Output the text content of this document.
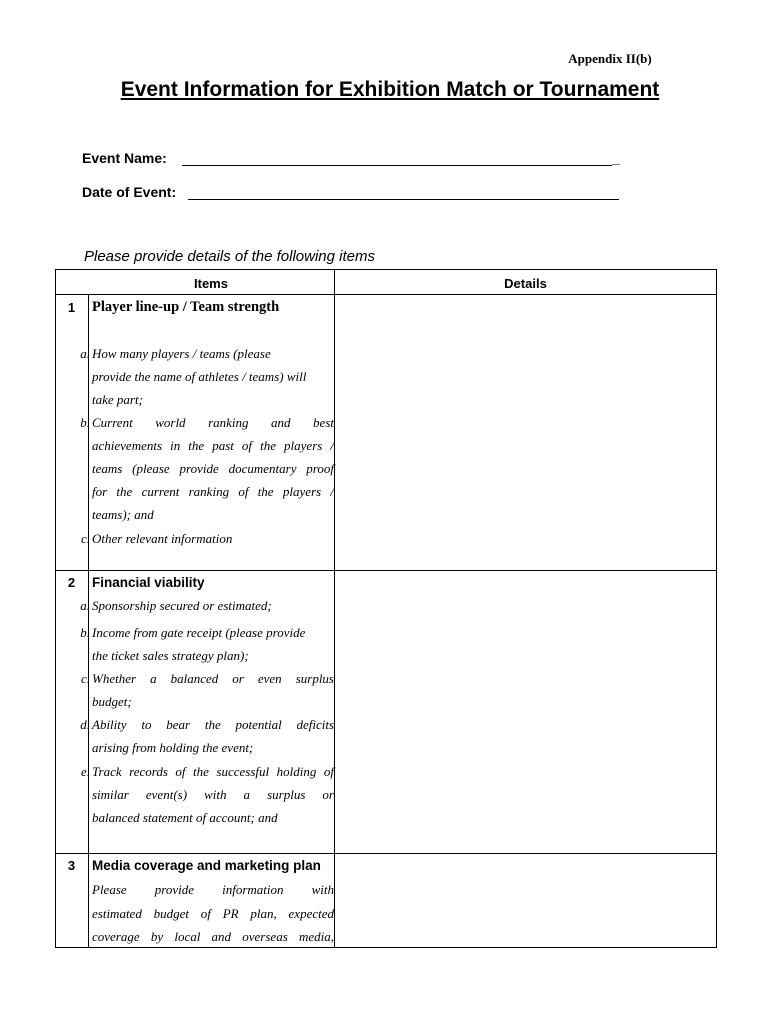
Appendix II(b)
Event Information for Exhibition Match or Tournament
Event Name:	_
Date of Event:
Please provide details of the following items
Items	Details
1	Player line-up / Team strength
a. How many players / teams (please
provide the name of athletes / teams) will
take part;
b. Current world ranking and best
achievements in the past of the players /
teams (please provide documentary proof
for the current ranking of the players /
teams); and
c. Other relevant information
2	Financial viability
a. Sponsorship secured or estimated;
b. Income from gate receipt (please provide
the ticket sales strategy plan);
c. Whether a balanced or even surplus
budget;
d. Ability to bear the potential deficits
arising from holding the event;
e. Track records of the successful holding of
similar event(s) with a surplus or
balanced statement of account; and
3	Media coverage and marketing plan
Please provide information with
estimated budget of PR plan, expected
coverage by local and overseas media,
